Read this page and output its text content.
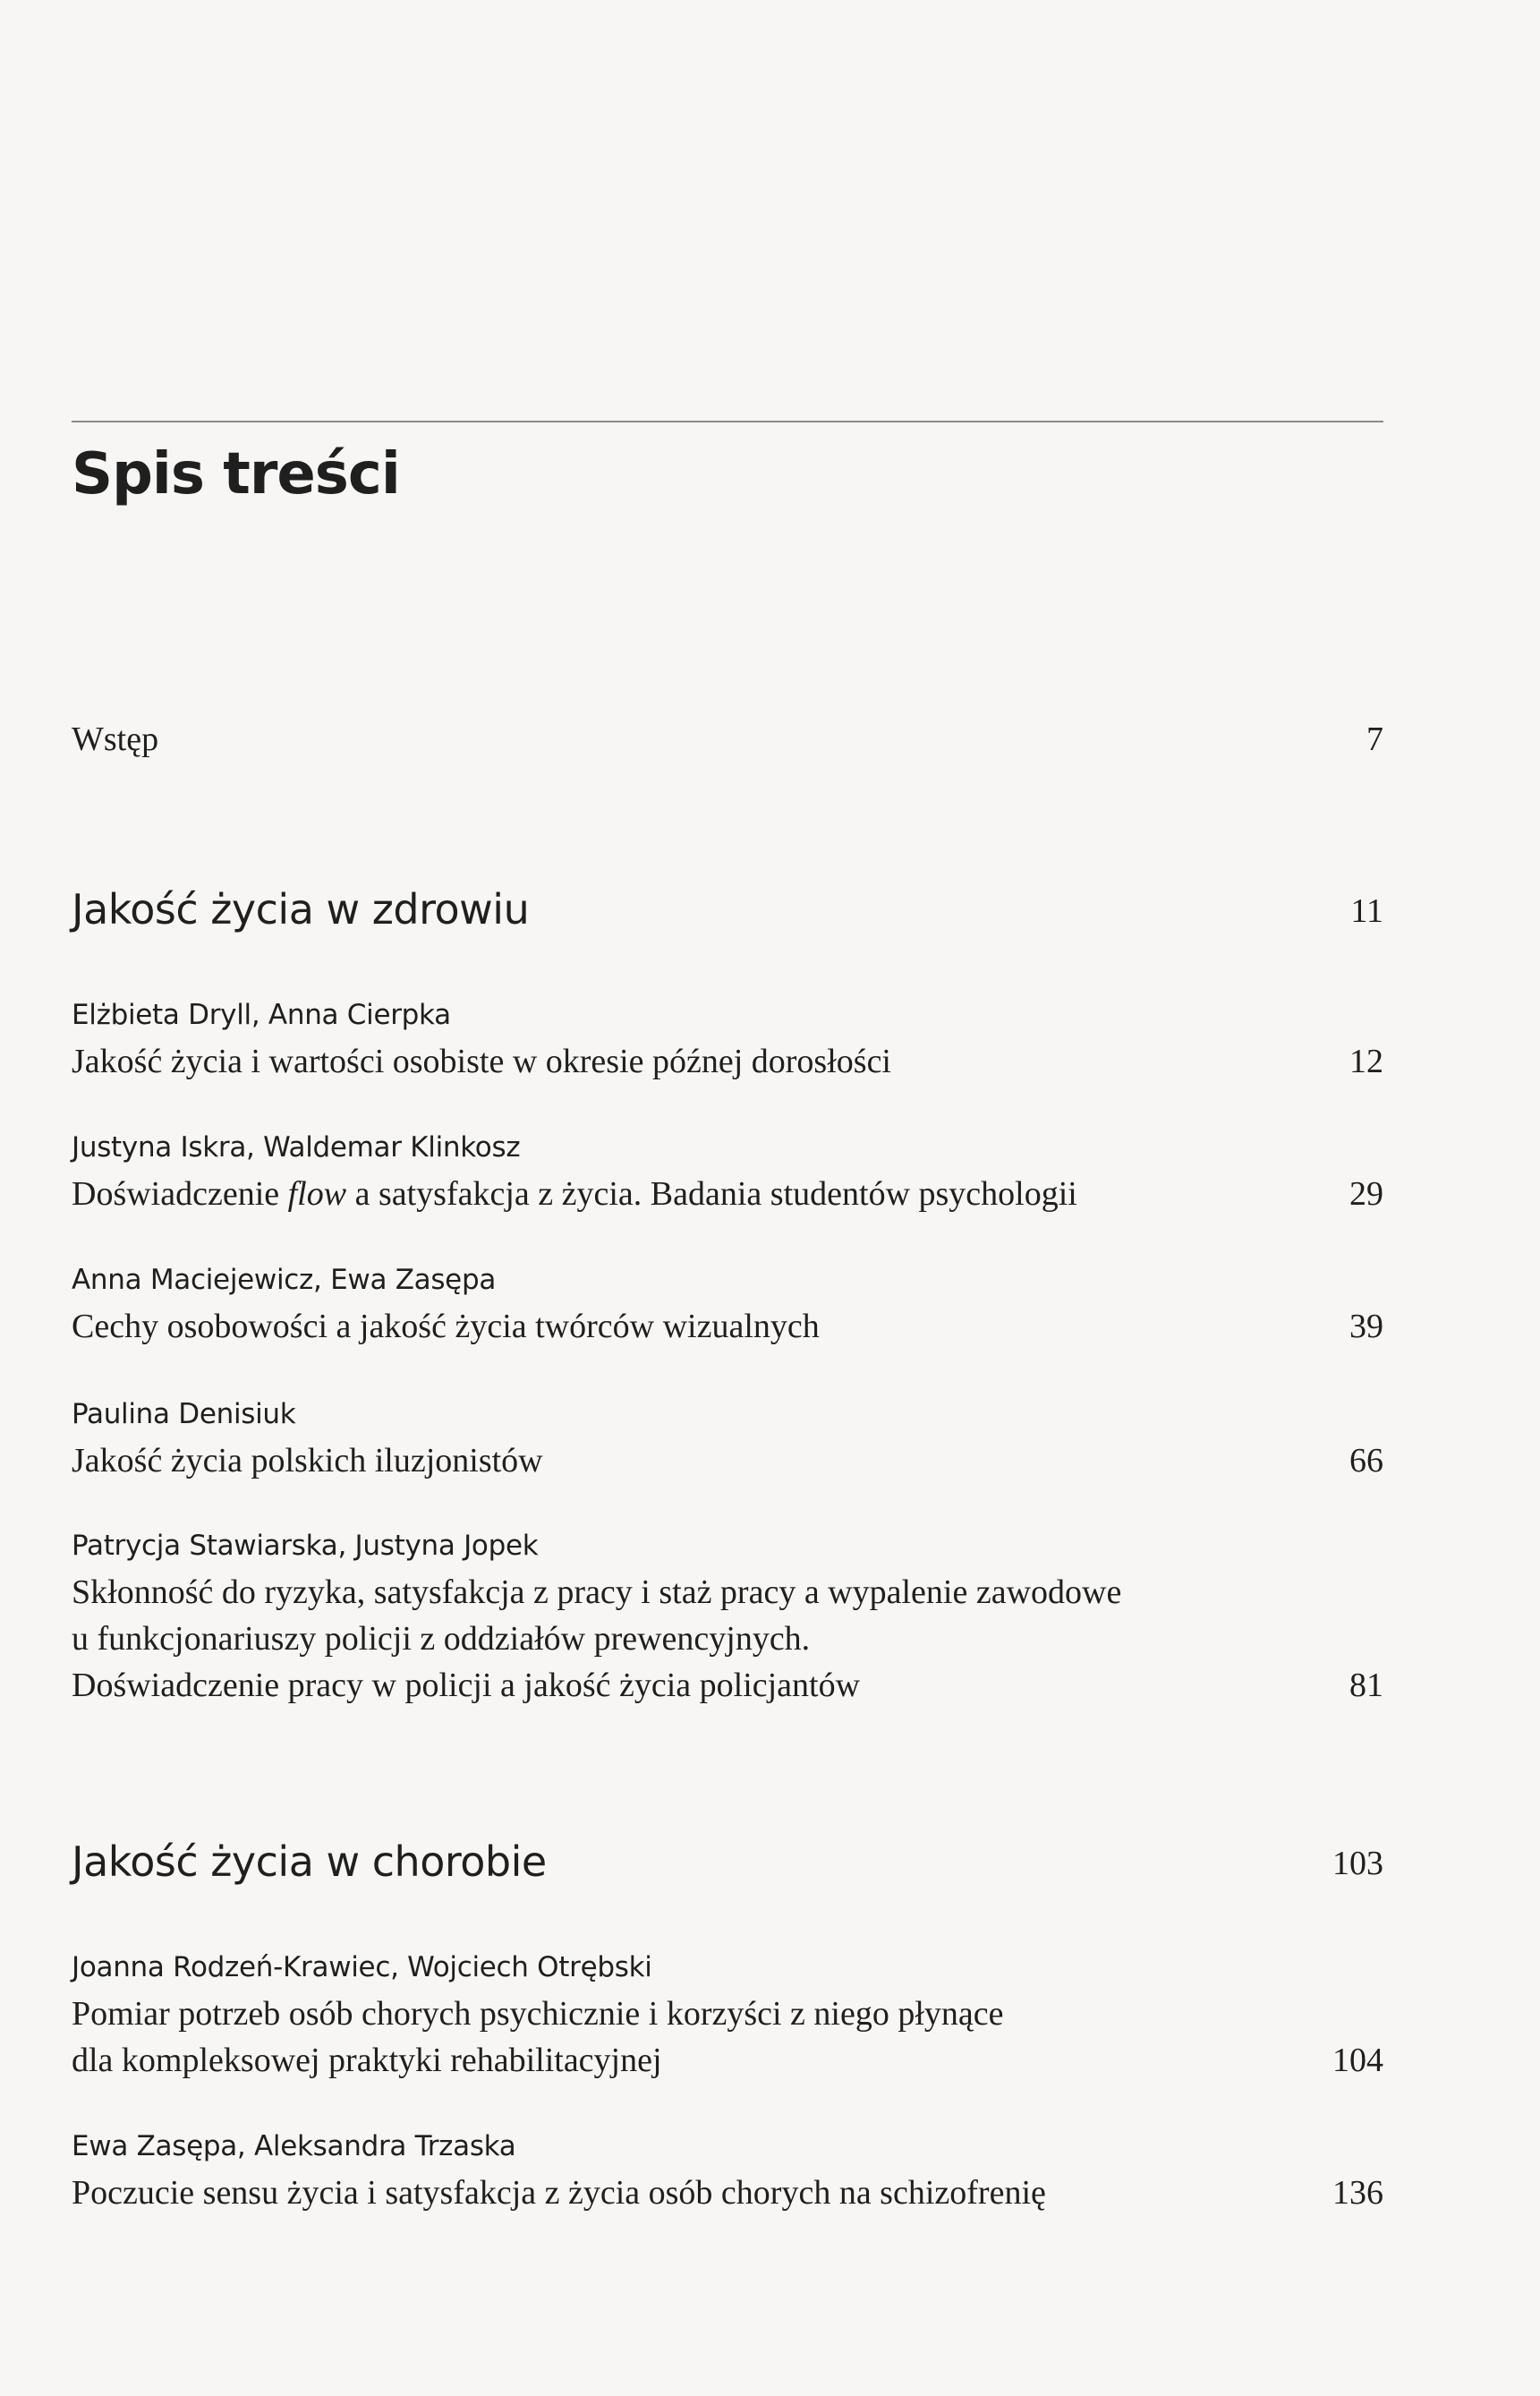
Spis treści
Wstęp	7
Jakość życia w zdrowiu	11
Elżbieta Dryll, Anna Cierpka
Jakość życia i wartości osobiste w okresie późnej dorosłości	12
Justyna Iskra, Waldemar Klinkosz
Doświadczenie flow a satysfakcja z życia. Badania studentów psychologii	29
Anna Maciejewicz, Ewa Zasępa
Cechy osobowości a jakość życia twórców wizualnych	39
Paulina Denisiuk
Jakość życia polskich iluzjonistów	66
Patrycja Stawiarska, Justyna Jopek
Skłonność do ryzyka, satysfakcja z pracy i staż pracy a wypalenie zawodowe
u funkcjonariuszy policji z oddziałów prewencyjnych.
Doświadczenie pracy w policji a jakość życia policjantów	81
Jakość życia w chorobie	103
Joanna Rodzeń-Krawiec, Wojciech Otrębski
Pomiar potrzeb osób chorych psychicznie i korzyści z niego płynące
dla kompleksowej praktyki rehabilitacyjnej	104
Ewa Zasępa, Aleksandra Trzaska
Poczucie sensu życia i satysfakcja z życia osób chorych na schizofrenię	136
